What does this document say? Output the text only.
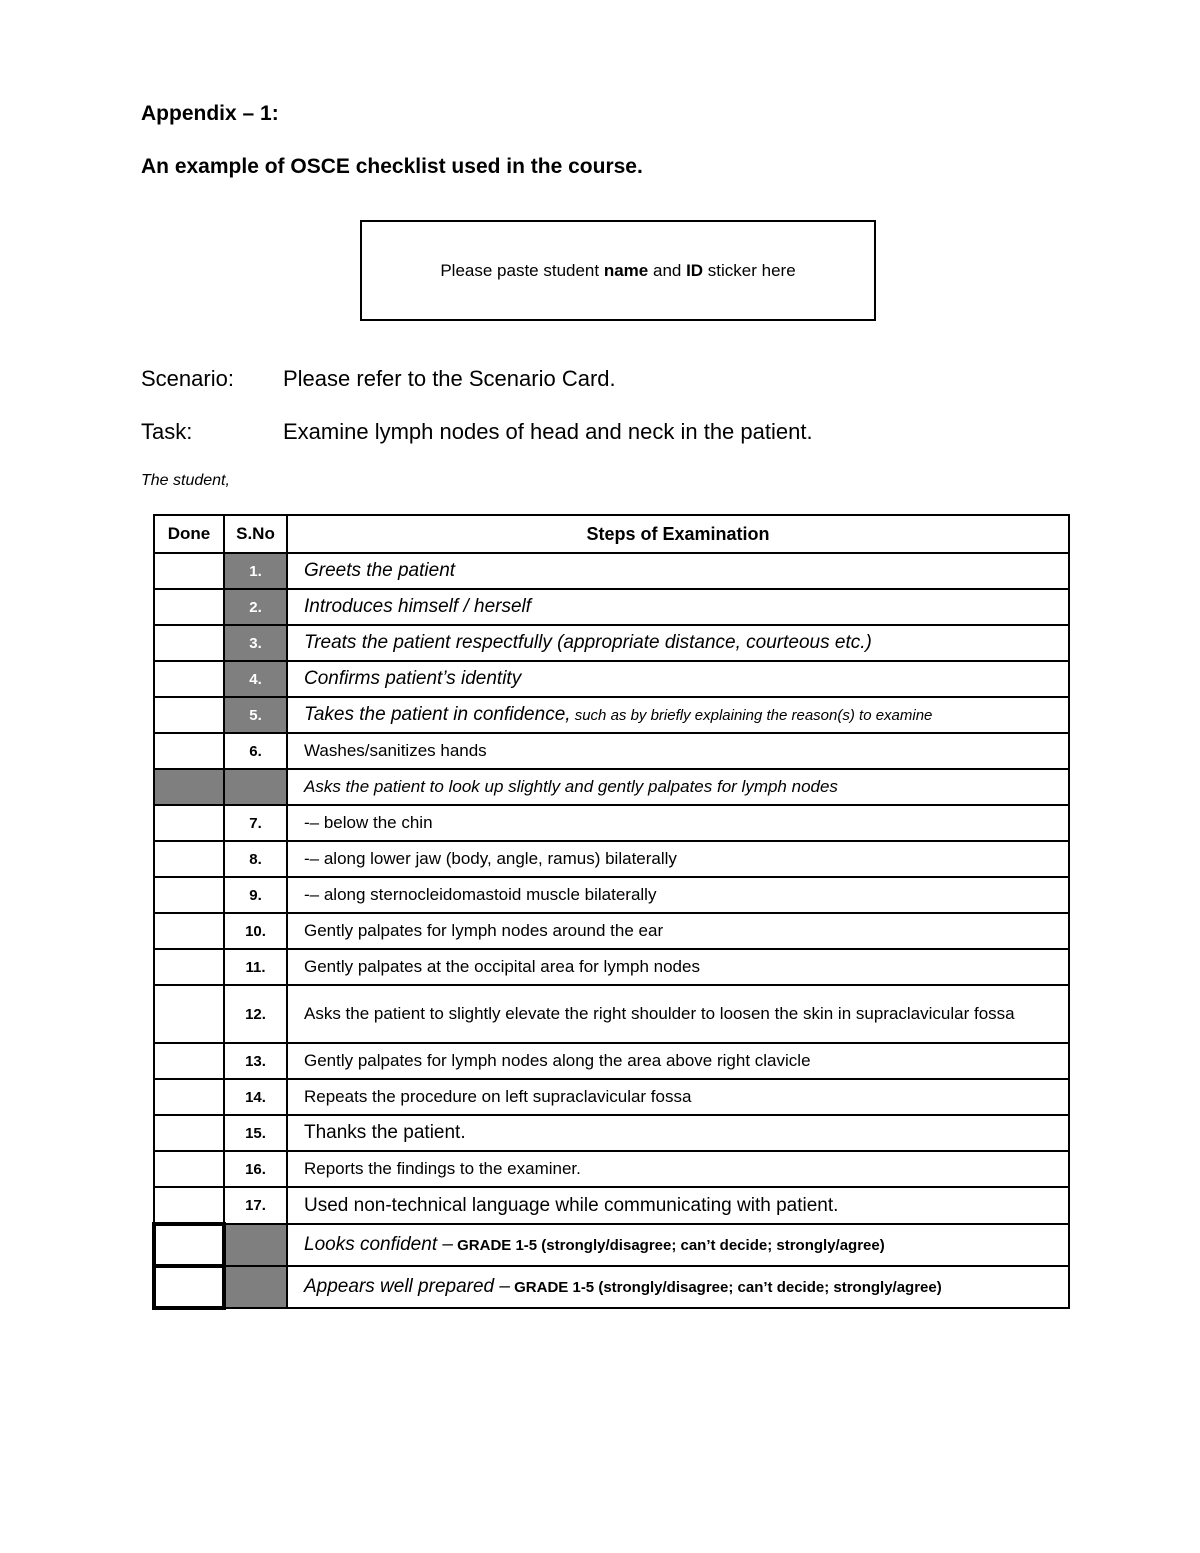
Appendix – 1:
An example of OSCE checklist used in the course.
Please paste student name and ID sticker here
Scenario: Please refer to the Scenario Card.
Task:	Examine lymph nodes of head and neck in the patient.
The student,
Done	S.No	Steps of Examination
	1.	Greets the patient
	2.	Introduces himself / herself
	3.	Treats the patient respectfully (appropriate distance, courteous etc.)
	4.	Confirms patient’s identity
	5.	Takes the patient in confidence, such as by briefly explaining the reason(s) to examine
	6.	Washes/sanitizes hands
		Asks the patient to look up slightly and gently palpates for lymph nodes
	7.	-– below the chin
	8.	-– along lower jaw (body, angle, ramus) bilaterally
	9.	-– along sternocleidomastoid muscle bilaterally
	10.	Gently palpates for lymph nodes around the ear
	11.	Gently palpates at the occipital area for lymph nodes
	12.	Asks the patient to slightly elevate the right shoulder to loosen the skin in supraclavicular fossa
	13.	Gently palpates for lymph nodes along the area above right clavicle
	14.	Repeats the procedure on left supraclavicular fossa
	15.	Thanks the patient.
	16.	Reports the findings to the examiner.
	17.	Used non-technical language while communicating with patient.
		Looks confident – GRADE 1-5 (strongly/disagree; can’t decide; strongly/agree)
		Appears well prepared – GRADE 1-5 (strongly/disagree; can’t decide; strongly/agree)
